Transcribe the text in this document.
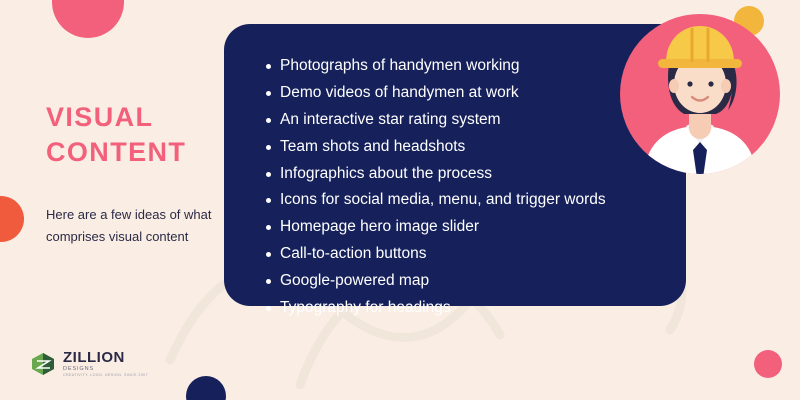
VISUAL CONTENT

Here are a few ideas of what comprises visual content

Photographs of handymen working
Demo videos of handymen at work
An interactive star rating system
Team shots and headshots
Infographics about the process
Icons for social media, menu, and trigger words
Homepage hero image slider
Call-to-action buttons
Google-powered map
Typography for headings
ZILLION
DESIGNS
CREATIVITY. LOGO. DESIGN. SINCE 2007
